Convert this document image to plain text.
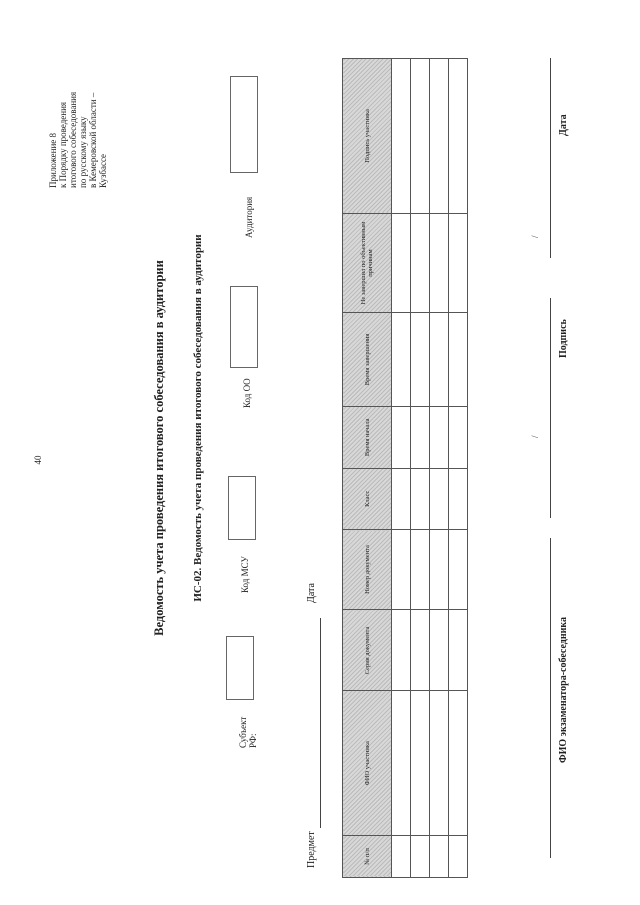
40
Приложение 8 к Порядку проведения итогового собеседования по русскому языку в Кемеровской области – Кузбассе
Ведомость учета проведения итогового собеседования в аудитории ИС-02. Ведомость учета проведения итогового собеседования в аудитории
Субъект РФ:
Код МСУ
Код ОО
Аудитория
Предмет
Дата
№ п/п	ФИО участника	Серия документа	Номер документа	Класс	Время начала	Время завершения	Не завершил по объективным причинам	Подпись участника

/
/
ФИО экзаменатора-собеседника
Подпись
Дата
